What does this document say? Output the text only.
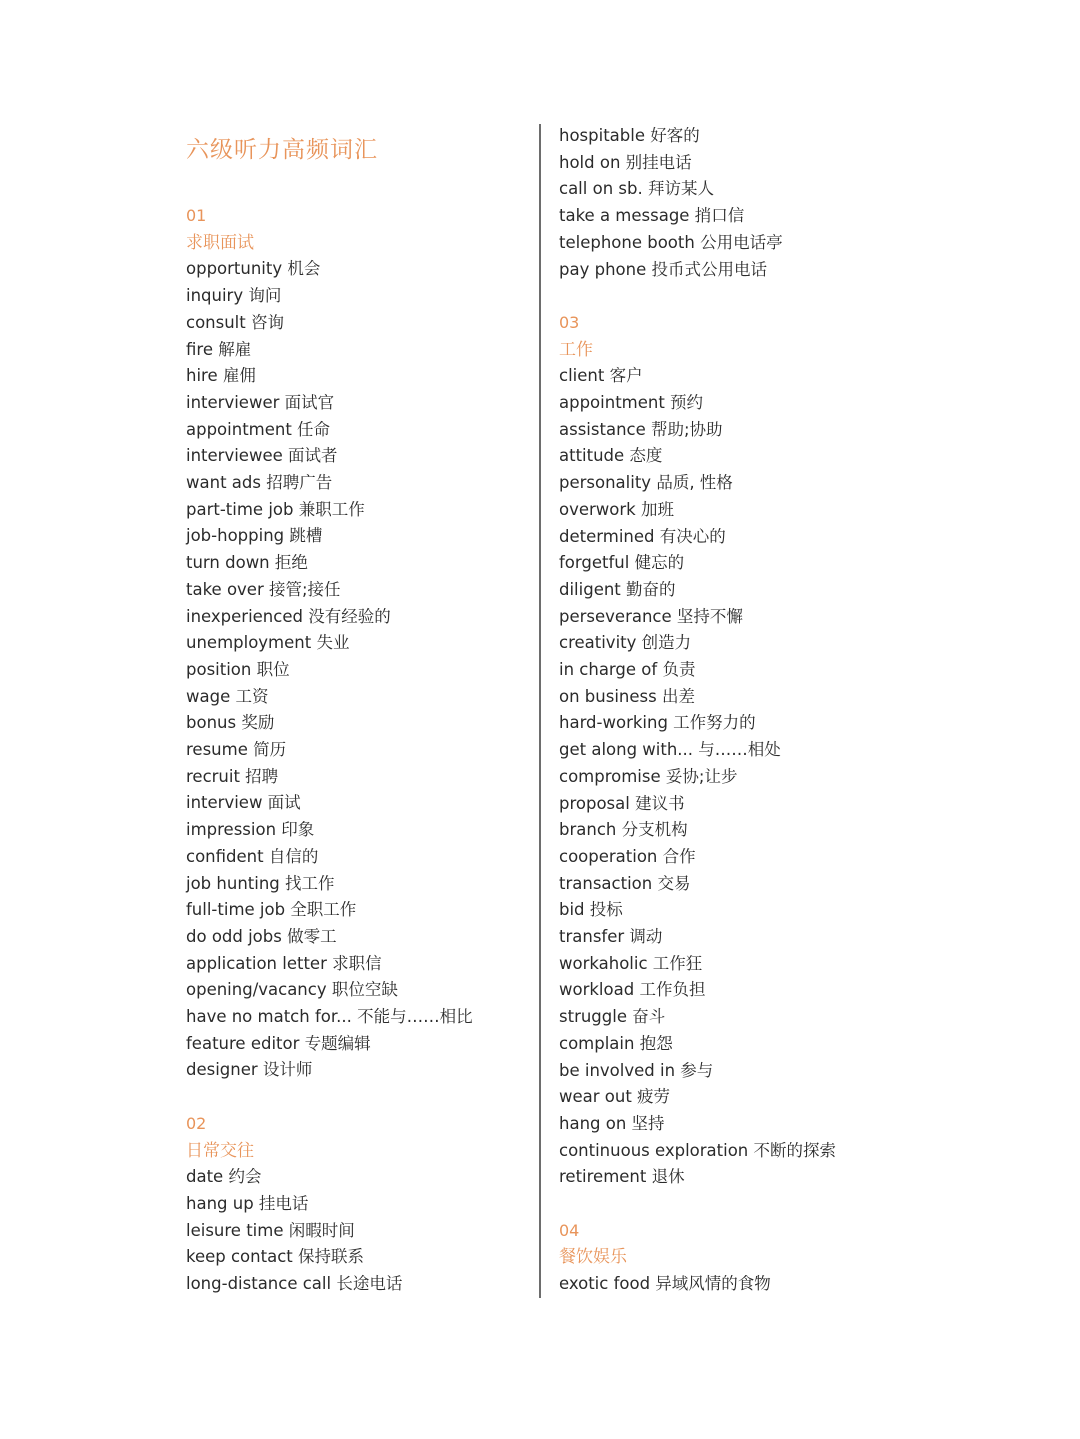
六级听力高频词汇
01
求职面试
opportunity 机会
inquiry 询问
consult 咨询
fire 解雇
hire 雇佣
interviewer 面试官
appointment 任命
interviewee 面试者
want ads 招聘广告
part-time job 兼职工作
job-hopping 跳槽
turn down 拒绝
take over 接管;接任
inexperienced 没有经验的
unemployment 失业
position 职位
wage 工资
bonus 奖励
resume 简历
recruit 招聘
interview 面试
impression 印象
confident 自信的
job hunting 找工作
full-time job 全职工作
do odd jobs 做零工
application letter 求职信
opening/vacancy 职位空缺
have no match for... 不能与……相比
feature editor 专题编辑
designer 设计师
02
日常交往
date 约会
hang up 挂电话
leisure time 闲暇时间
keep contact 保持联系
long-distance call 长途电话
hospitable 好客的
hold on 别挂电话
call on sb. 拜访某人
take a message 捎口信
telephone booth 公用电话亭
pay phone 投币式公用电话
03
工作
client 客户
appointment 预约
assistance 帮助;协助
attitude 态度
personality 品质, 性格
overwork 加班
determined 有决心的
forgetful 健忘的
diligent 勤奋的
perseverance 坚持不懈
creativity 创造力
in charge of 负责
on business 出差
hard-working 工作努力的
get along with... 与……相处
compromise 妥协;让步
proposal 建议书
branch 分支机构
cooperation 合作
transaction 交易
bid 投标
transfer 调动
workaholic 工作狂
workload 工作负担
struggle 奋斗
complain 抱怨
be involved in 参与
wear out 疲劳
hang on 坚持
continuous exploration 不断的探索
retirement 退休
04
餐饮娱乐
exotic food 异域风情的食物
